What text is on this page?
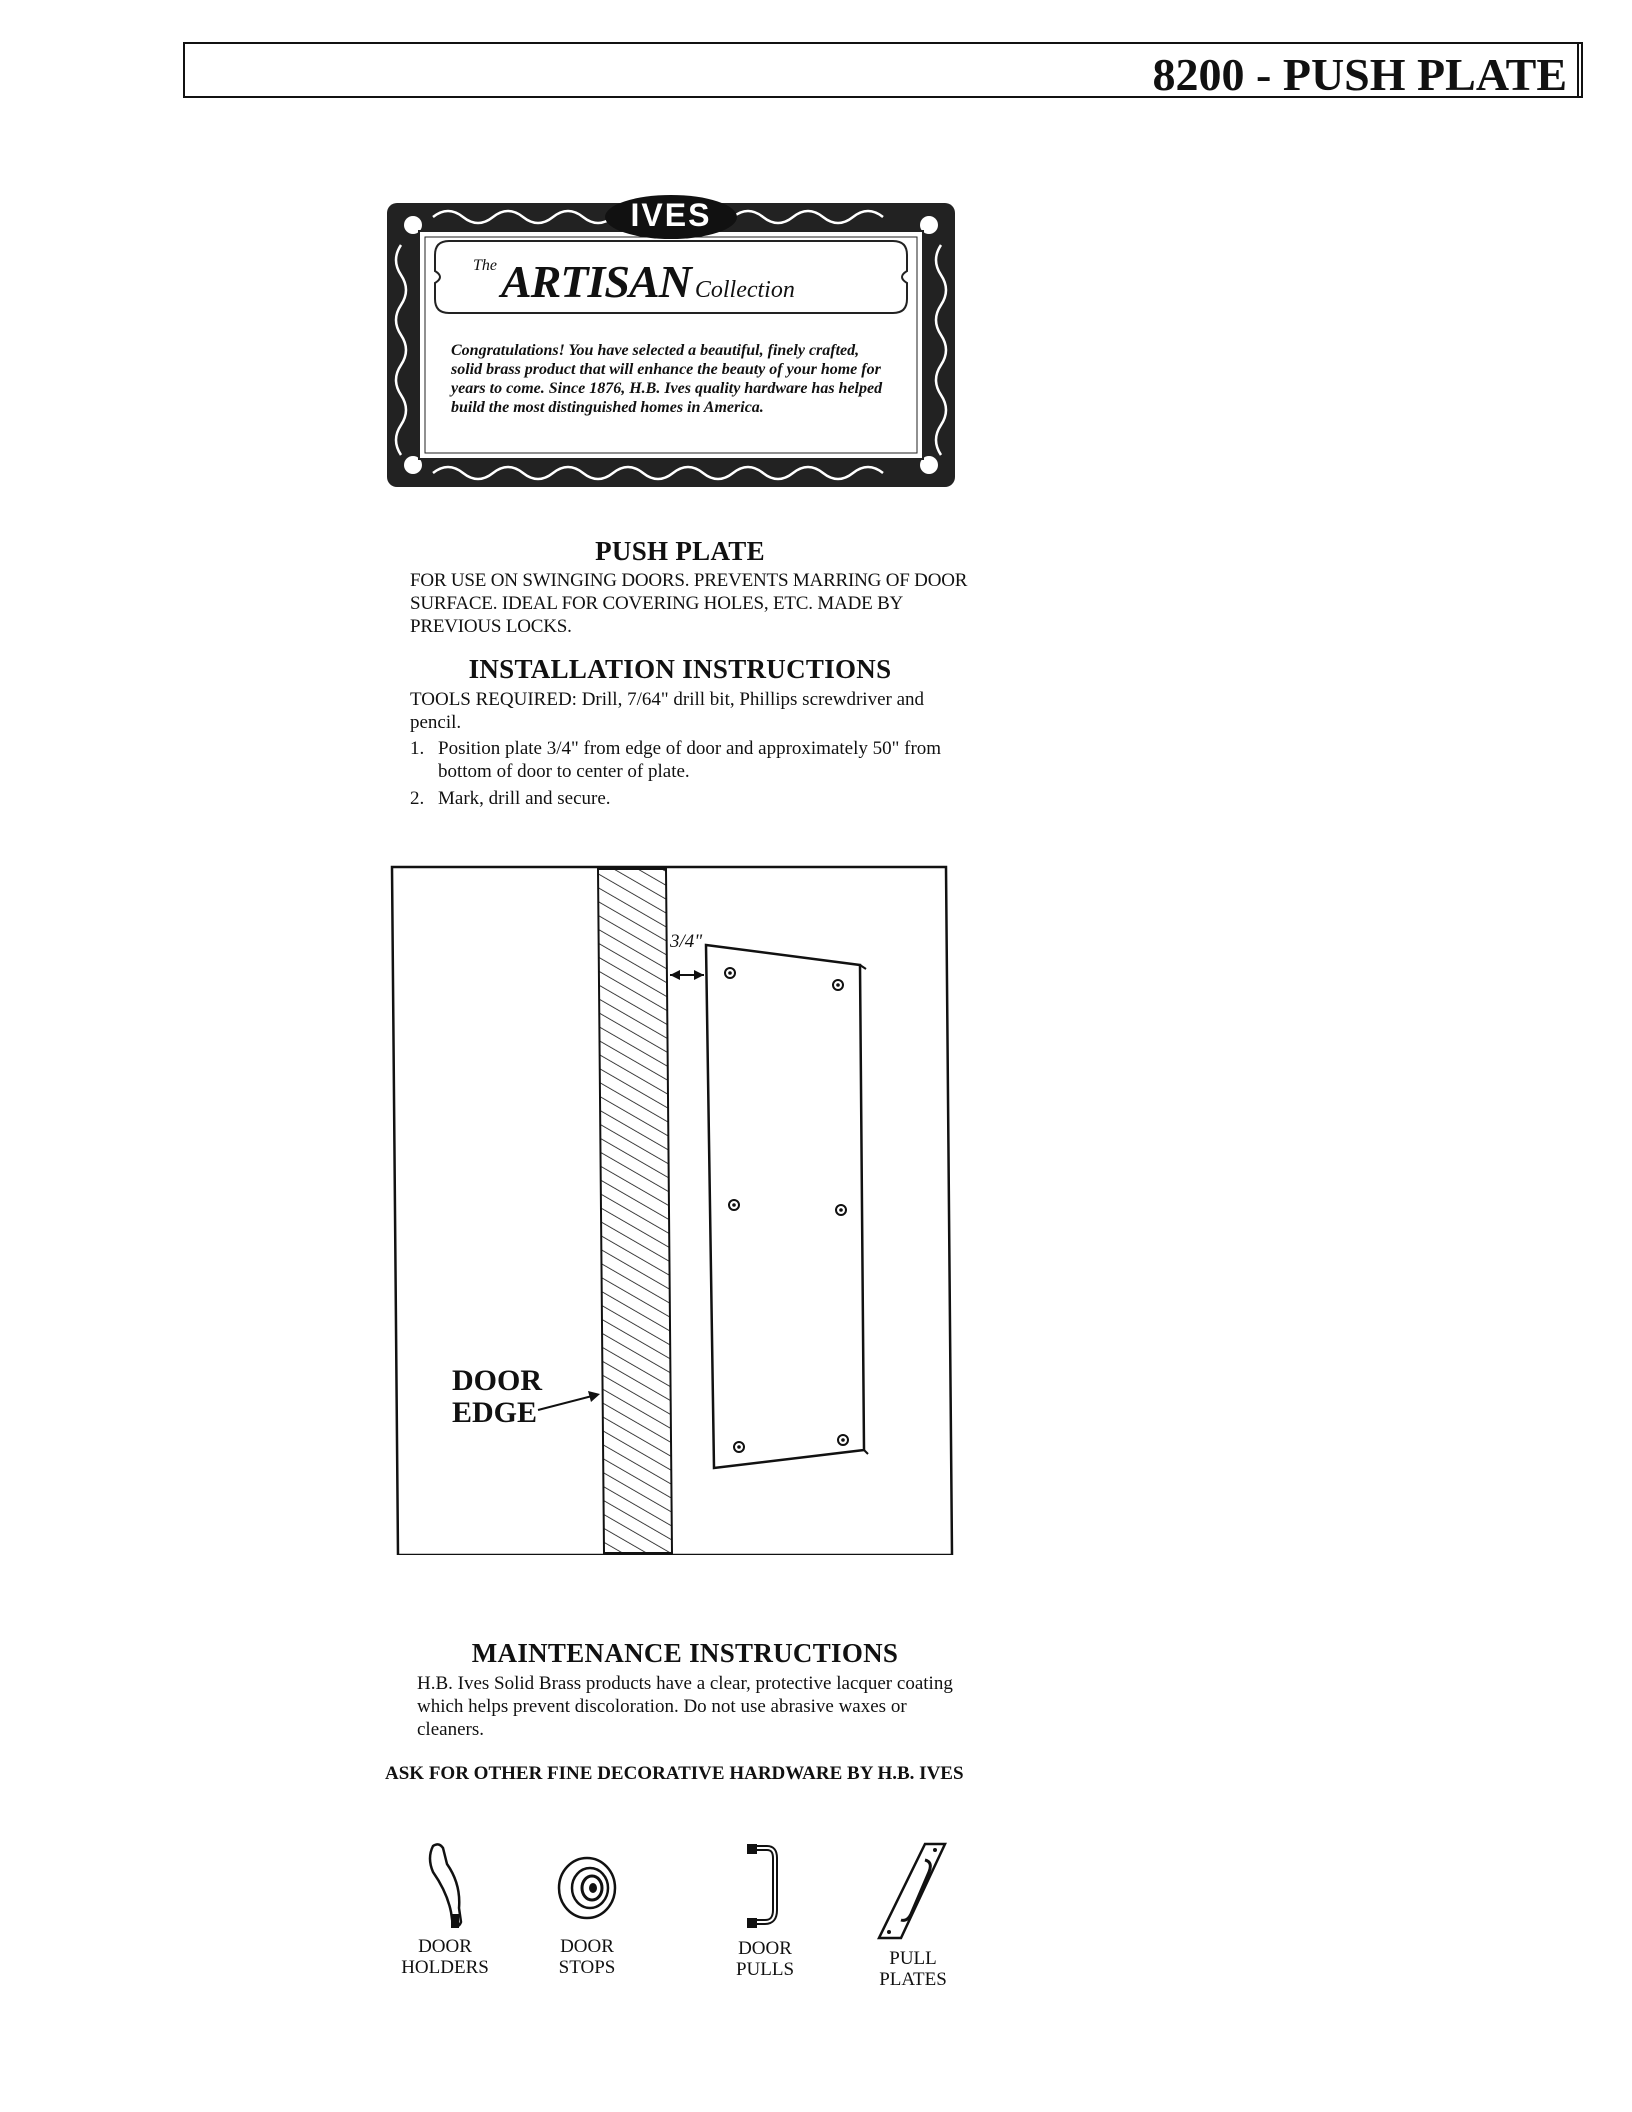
8200 - PUSH PLATE
IVES
The ARTISAN Collection
Congratulations! You have selected a beautiful, finely crafted, solid brass product that will enhance the beauty of your home for years to come. Since 1876, H.B. Ives quality hardware has helped build the most distinguished homes in America.
PUSH PLATE
FOR USE ON SWINGING DOORS. PREVENTS MARRING OF DOOR SURFACE. IDEAL FOR COVERING HOLES, ETC. MADE BY PREVIOUS LOCKS.
INSTALLATION INSTRUCTIONS
TOOLS REQUIRED: Drill, 7/64" drill bit, Phillips screwdriver and pencil.
1. Position plate 3/4" from edge of door and approximately 50" from bottom of door to center of plate.
2. Mark, drill and secure.
3/4"
DOOR
EDGE
MAINTENANCE INSTRUCTIONS
H.B. Ives Solid Brass products have a clear, protective lacquer coating which helps prevent discoloration. Do not use abrasive waxes or cleaners.
ASK FOR OTHER FINE DECORATIVE HARDWARE BY H.B. IVES
DOOR
HOLDERS
DOOR
STOPS
DOOR
PULLS
PULL
PLATES
